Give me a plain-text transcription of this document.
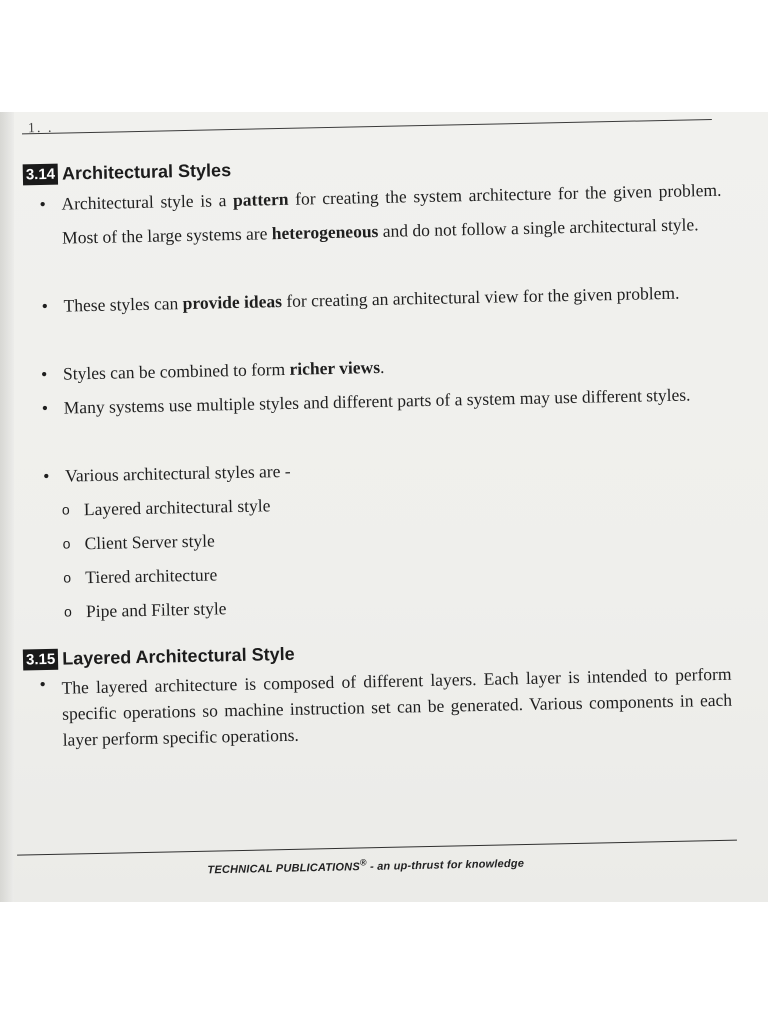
1. .
3.14 Architectural Styles
• Architectural style is a pattern for creating the system architecture for the given problem. Most of the large systems are heterogeneous and do not follow a single architectural style.
• These styles can provide ideas for creating an architectural view for the given problem.
• Styles can be combined to form richer views.
• Many systems use multiple styles and different parts of a system may use different styles.
• Various architectural styles are -
o Layered architectural style
o Client Server style
o Tiered architecture
o Pipe and Filter style
3.15 Layered Architectural Style
• The layered architecture is composed of different layers. Each layer is intended to perform specific operations so machine instruction set can be generated. Various components in each layer perform specific operations.
TECHNICAL PUBLICATIONS® - an up-thrust for knowledge
